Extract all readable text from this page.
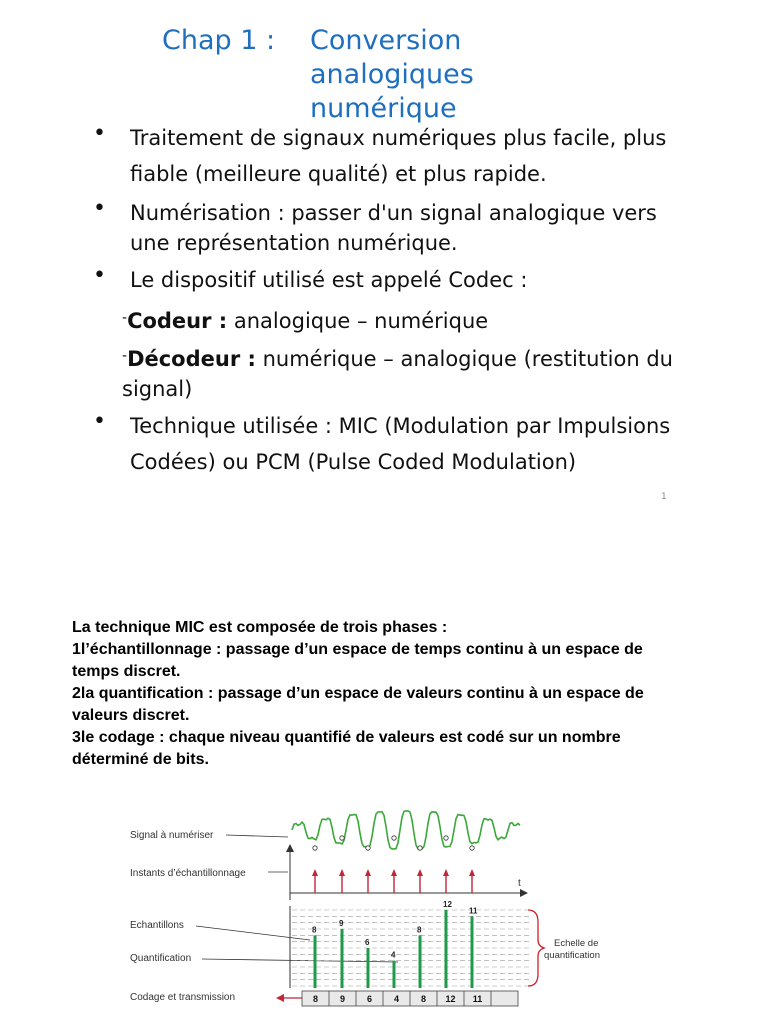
Chap 1 : Conversion analogiques numérique
• Traitement de signaux numériques plus facile, plus fiable (meilleure qualité) et plus rapide.
• Numérisation : passer d'un signal analogique vers une représentation numérique.
• Le dispositif utilisé est appelé Codec :
-Codeur : analogique – numérique
-Décodeur : numérique – analogique (restitution du signal)
• Technique utilisée : MIC (Modulation par Impulsions Codées) ou PCM (Pulse Coded Modulation)
1
La technique MIC est composée de trois phases :
1l’échantillonnage : passage d’un espace de temps continu à un espace de temps discret.
2la quantification : passage d’un espace de valeurs continu à un espace de valeurs discret.
3le codage : chaque niveau quantifié de valeurs est codé sur un nombre déterminé de bits.
Signal à numériser
Instants d’échantillonnage
Echantillons
Quantification
Codage et transmission
t
8
9
6
4
8
12
11
Echelle de
quantification
8 9 6 4 8 12 11
